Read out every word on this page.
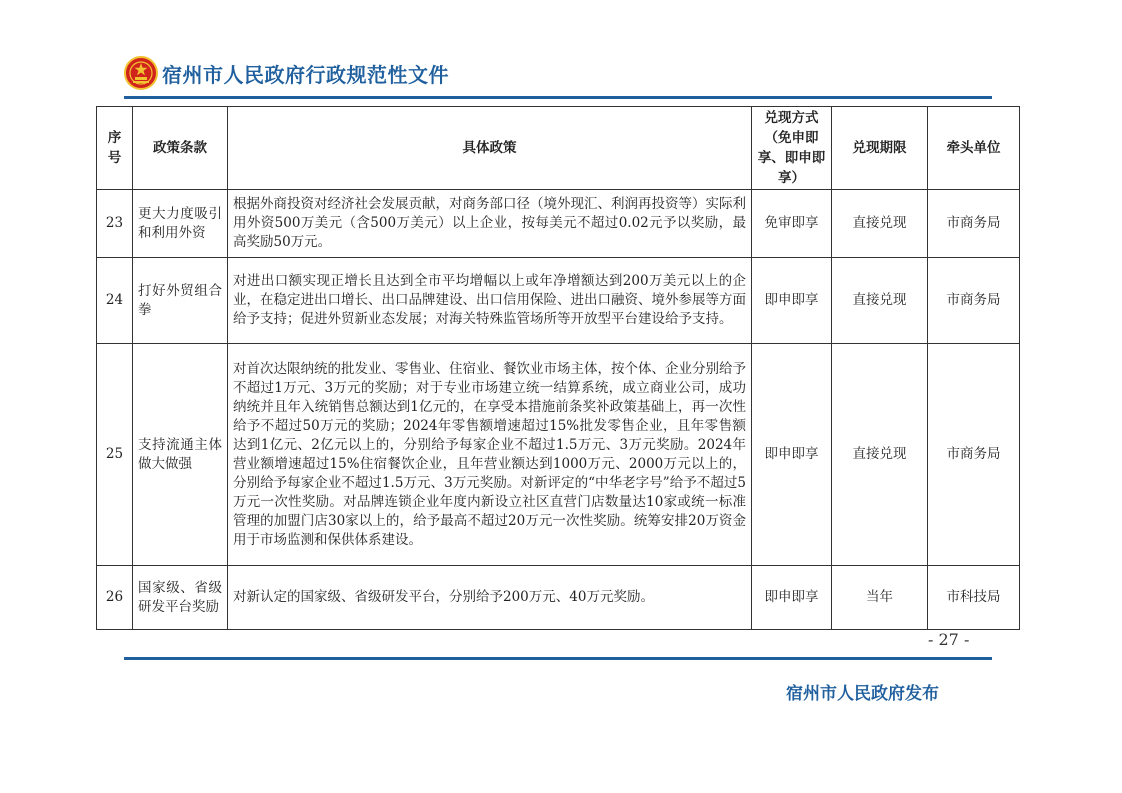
宿州市人民政府行政规范性文件
序号	政策条款	具体政策	兑现方式（免申即享、即申即享）	兑现期限	牵头单位
23	更大力度吸引和利用外资	根据外商投资对经济社会发展贡献，对商务部口径（境外现汇、利润再投资等）实际利用外资500万美元（含500万美元）以上企业，按每美元不超过0.02元予以奖励，最高奖励50万元。	免审即享	直接兑现	市商务局
24	打好外贸组合拳	对进出口额实现正增长且达到全市平均增幅以上或年净增额达到200万美元以上的企业，在稳定进出口增长、出口品牌建设、出口信用保险、进出口融资、境外参展等方面给予支持；促进外贸新业态发展；对海关特殊监管场所等开放型平台建设给予支持。	即申即享	直接兑现	市商务局
25	支持流通主体做大做强	对首次达限纳统的批发业、零售业、住宿业、餐饮业市场主体，按个体、企业分别给予不超过1万元、3万元的奖励；对于专业市场建立统一结算系统，成立商业公司，成功纳统并且年入统销售总额达到1亿元的，在享受本措施前条奖补政策基础上，再一次性给予不超过50万元的奖励；2024年零售额增速超过15%批发零售企业，且年零售额达到1亿元、2亿元以上的，分别给予每家企业不超过1.5万元、3万元奖励。2024年营业额增速超过15%住宿餐饮企业，且年营业额达到1000万元、2000万元以上的，分别给予每家企业不超过1.5万元、3万元奖励。对新评定的“中华老字号”给予不超过5万元一次性奖励。对品牌连锁企业年度内新设立社区直营门店数量达10家或统一标准管理的加盟门店30家以上的，给予最高不超过20万元一次性奖励。统筹安排20万资金用于市场监测和保供体系建设。	即申即享	直接兑现	市商务局
26	国家级、省级研发平台奖励	对新认定的国家级、省级研发平台，分别给予200万元、40万元奖励。	即申即享	当年	市科技局
- 27 -
宿州市人民政府发布
